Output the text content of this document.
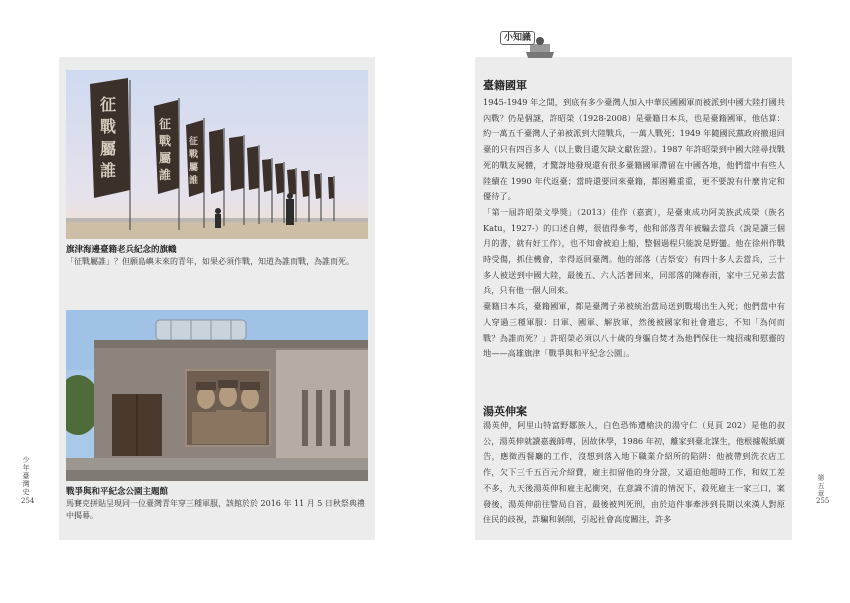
征
戰
屬
誰
征
戰
屬
誰
征
戰
屬
誰
旗津海邊臺籍老兵紀念的旗幟
「征戰屬誰」？但願島嶼未來的青年，如果必須作戰，知道為誰而戰，為誰而死。
戰爭與和平紀念公園主題館
馬賽克拼貼呈現同一位臺灣青年穿三種軍服，該館於於 2016 年 11 月 5 日秋祭典禮中揭幕。
少年臺灣史
254
小知識
臺籍國軍

1945-1949 年之間，到底有多少臺灣人加入中華民國國軍而被派到中國大陸打國共內戰？仍是個謎，許昭榮（1928-2008）是臺籍日本兵，也是臺籍國軍，他估算：約一萬五千臺灣人子弟被派到大陸戰兵，一萬人戰死；1949 年隨國民黨政府撤退回臺的只有四百多人（以上數目還欠缺文獻佐證）。1987 年許昭榮到中國大陸尋找戰死的戰友屍體，才驚訝地發現還有很多臺籍國軍滯留在中國各地，他們當中有些人陸續在 1990 年代返臺；當時還要回來臺籍，都困難重重，更不要說有什麼肯定和優待了。

「第一屆許昭榮文學獎」（2013）佳作（嘉賓），是臺東成功阿美族武成榮（族名 Katu，1927-）的口述自傳，很值得參考，他和部落青年被騙去當兵（說是讀三個月的書，就有好工作），也不知會被迫上船，整個過程只能說是野蠻。他在徐州作戰時受傷，抓住機會，幸得返回臺灣。他的部落（吉祭安）有四十多人去當兵，三十多人被送到中國大陸，最後五、六人活著回來，同部落的陳春雨，家中三兄弟去當兵，只有他一個人回來。

臺籍日本兵，臺籍國軍，都是臺灣子弟被統治當局送到戰場出生入死；他們當中有人穿過三種軍服：日軍、國軍、解放軍，然後被國家和社會遺忘，不知「為何而戰？為誰而死？」許昭榮必須以八十歲的身軀自焚才為他們保住一塊招魂和慰靈的地——高雄旗津「戰爭與和平紀念公園」。

湯英伸案

湯英伸，阿里山特富野鄒族人，白色恐怖遭槍決的湯守仁（見頁 202）是他的叔公，湯英伸就讀嘉義師專，因故休學，1986 年初，離家到臺北謀生，他根據報紙廣告，應徵西餐廳的工作，沒想到落入地下職業介紹所的陷阱：他被帶到洗衣店工作，欠下三千五百元介紹費，雇主扣留他的身分證，又逼迫他超時工作，和奴工差不多，九天後湯英伸和雇主起衝突，在意識不清的情況下，殺死雇主一家三口，案發後，湯英伸前往警局自首，最後被判死刑，由於這件事牽涉到長期以來漢人對原住民的歧視，詐騙和剝削，引起社會高度關注，許多

第五章
255
